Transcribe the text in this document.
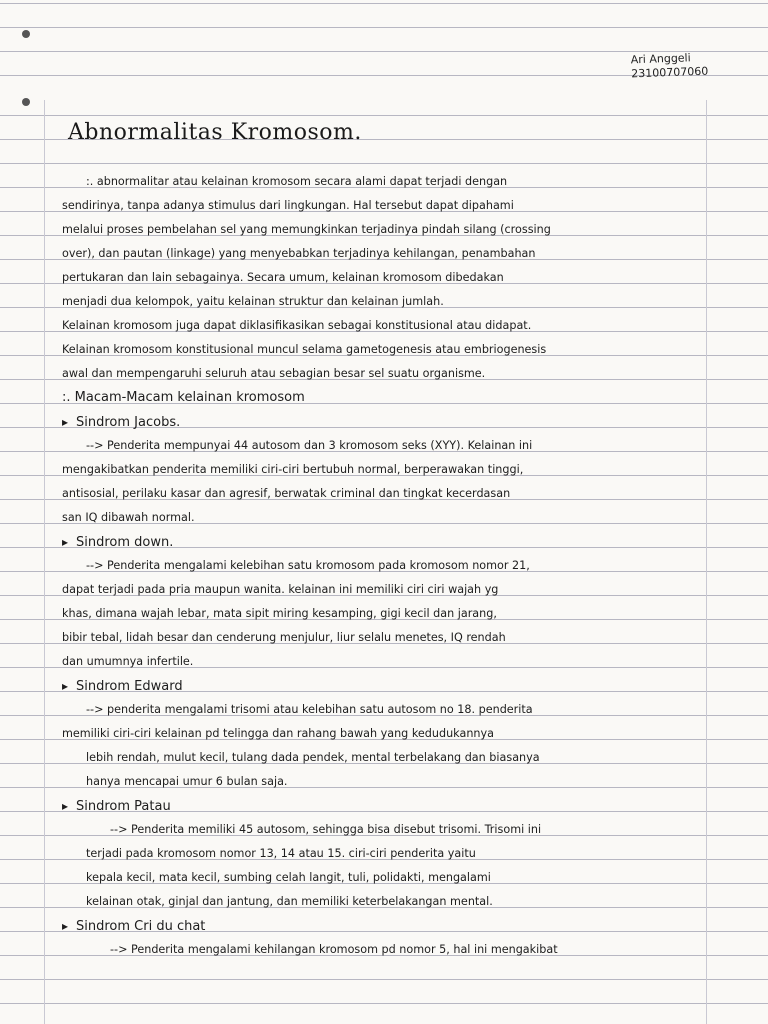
Ari Anggeli
23100707060
Abnormalitas Kromosom.
:. abnormalitar atau kelainan kromosom secara alami dapat terjadi dengan
sendirinya, tanpa adanya stimulus dari lingkungan. Hal tersebut dapat dipahami
melalui proses pembelahan sel yang memungkinkan terjadinya pindah silang (crossing
over), dan pautan (linkage) yang menyebabkan terjadinya kehilangan, penambahan
pertukaran dan lain sebagainya. Secara umum, kelainan kromosom dibedakan
menjadi dua kelompok, yaitu kelainan struktur dan kelainan jumlah.
Kelainan kromosom juga dapat diklasifikasikan sebagai konstitusional atau didapat.
Kelainan kromosom konstitusional muncul selama gametogenesis atau embriogenesis
awal dan mempengaruhi seluruh atau sebagian besar sel suatu organisme.
:. Macam-Macam kelainan kromosom
▸ Sindrom Jacobs.
--> Penderita mempunyai 44 autosom dan 3 kromosom seks (XYY). Kelainan ini
mengakibatkan penderita memiliki ciri-ciri bertubuh normal, berperawakan tinggi,
antisosial, perilaku kasar dan agresif, berwatak criminal dan tingkat kecerdasan
san IQ dibawah normal.
▸ Sindrom down.
--> Penderita mengalami kelebihan satu kromosom pada kromosom nomor 21,
dapat terjadi pada pria maupun wanita. kelainan ini memiliki ciri ciri wajah yg
khas, dimana wajah lebar, mata sipit miring kesamping, gigi kecil dan jarang,
bibir tebal, lidah besar dan cenderung menjulur, liur selalu menetes, IQ rendah
dan umumnya infertile.
▸ Sindrom Edward
--> penderita mengalami trisomi atau kelebihan satu autosom no 18. penderita
memiliki ciri-ciri kelainan pd telingga dan rahang bawah yang kedudukannya
lebih rendah, mulut kecil, tulang dada pendek, mental terbelakang dan biasanya
hanya mencapai umur 6 bulan saja.
▸ Sindrom Patau
--> Penderita memiliki 45 autosom, sehingga bisa disebut trisomi. Trisomi ini
terjadi pada kromosom nomor 13, 14 atau 15. ciri-ciri penderita yaitu
kepala kecil, mata kecil, sumbing celah langit, tuli, polidakti, mengalami
kelainan otak, ginjal dan jantung, dan memiliki keterbelakangan mental.
▸ Sindrom Cri du chat
--> Penderita mengalami kehilangan kromosom pd nomor 5, hal ini mengakibat
